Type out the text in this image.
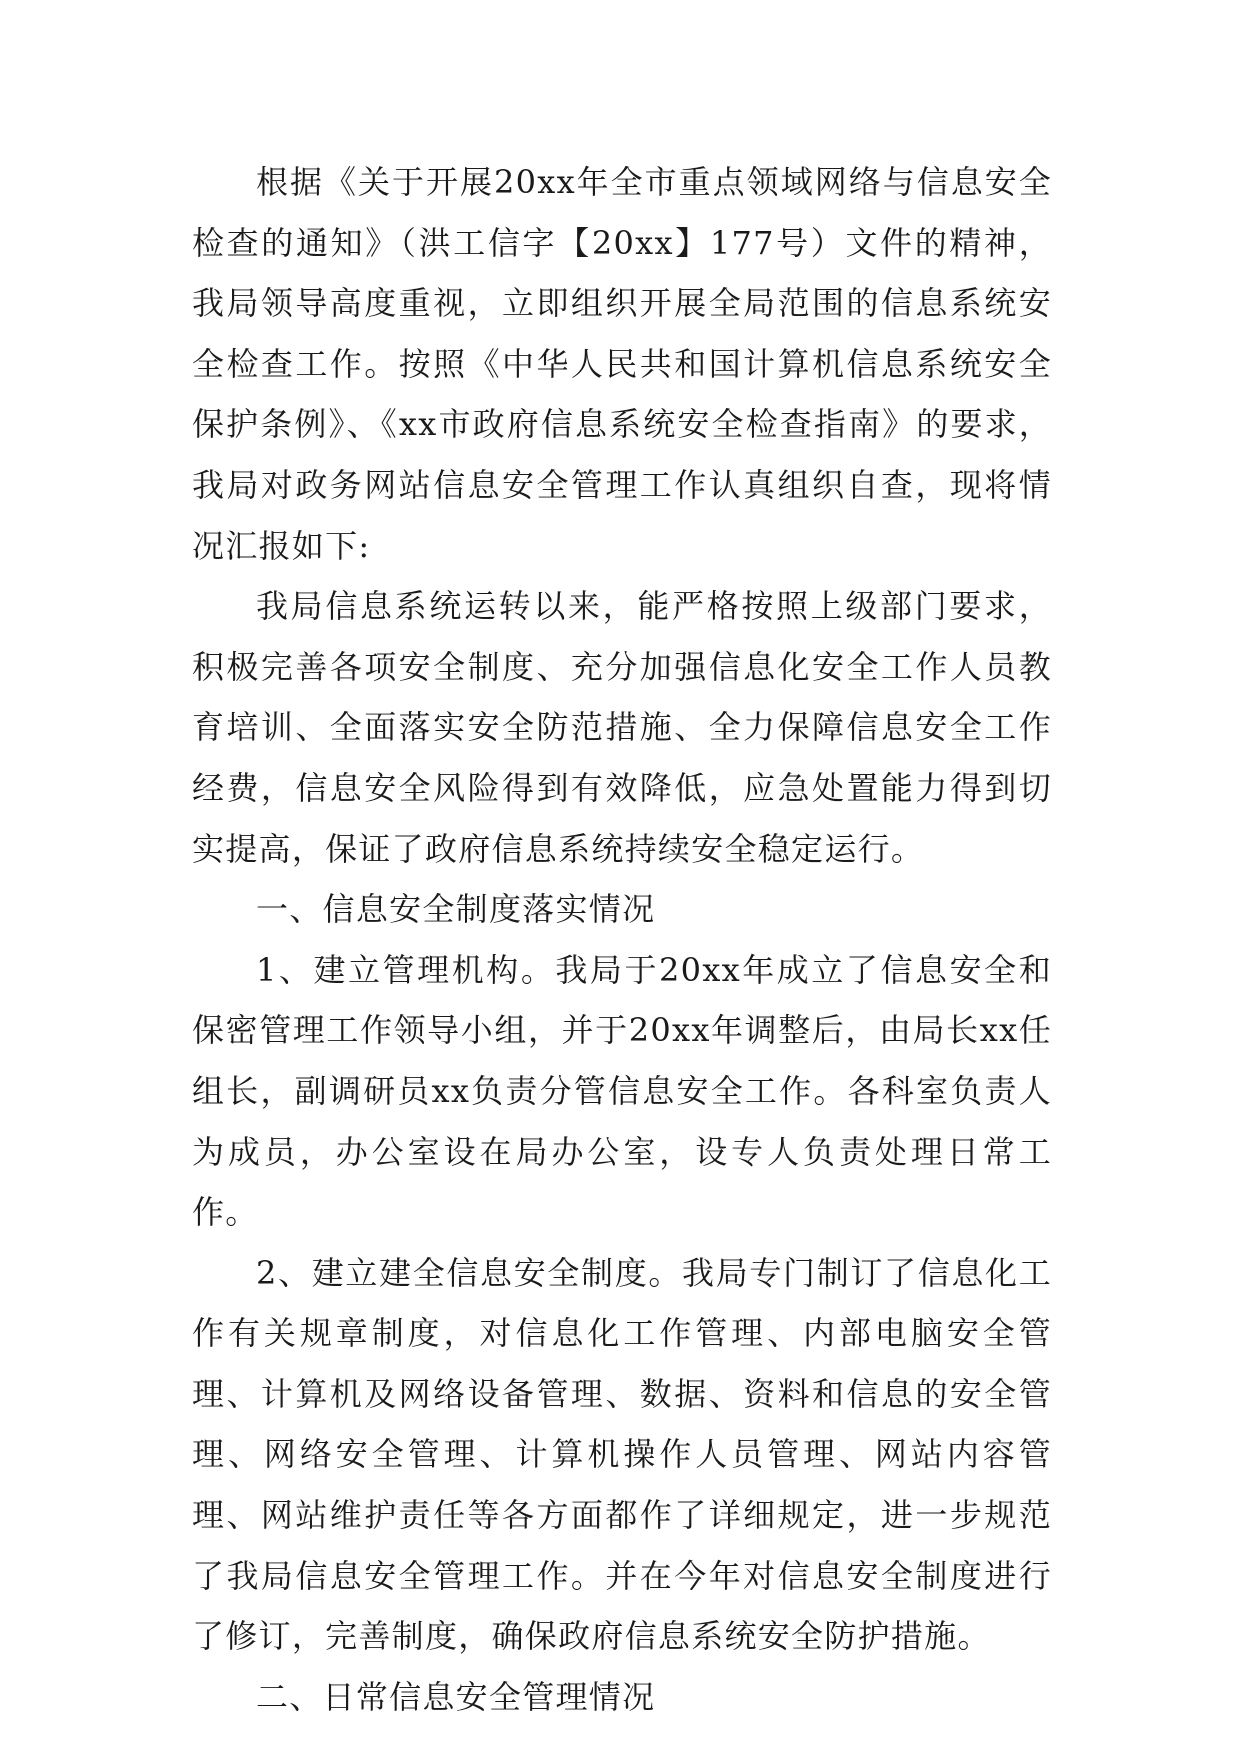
根据《关于开展20xx年全市重点领域网络与信息安全检查的通知》（洪工信字【20xx】177号）文件的精神，我局领导高度重视，立即组织开展全局范围的信息系统安全检查工作。按照《中华人民共和国计算机信息系统安全保护条例》、《xx市政府信息系统安全检查指南》的要求，我局对政务网站信息安全管理工作认真组织自查，现将情况汇报如下:

我局信息系统运转以来，能严格按照上级部门要求，积极完善各项安全制度、充分加强信息化安全工作人员教育培训、全面落实安全防范措施、全力保障信息安全工作经费，信息安全风险得到有效降低，应急处置能力得到切实提高，保证了政府信息系统持续安全稳定运行。

一、信息安全制度落实情况

1、建立管理机构。我局于20xx年成立了信息安全和保密管理工作领导小组，并于20xx年调整后，由局长xx任组长，副调研员xx负责分管信息安全工作。各科室负责人为成员，办公室设在局办公室，设专人负责处理日常工作。

2、建立建全信息安全制度。我局专门制订了信息化工作有关规章制度，对信息化工作管理、内部电脑安全管理、计算机及网络设备管理、数据、资料和信息的安全管理、网络安全管理、计算机操作人员管理、网站内容管理、网站维护责任等各方面都作了详细规定，进一步规范了我局信息安全管理工作。并在今年对信息安全制度进行了修订，完善制度，确保政府信息系统安全防护措施。

二、日常信息安全管理情况
